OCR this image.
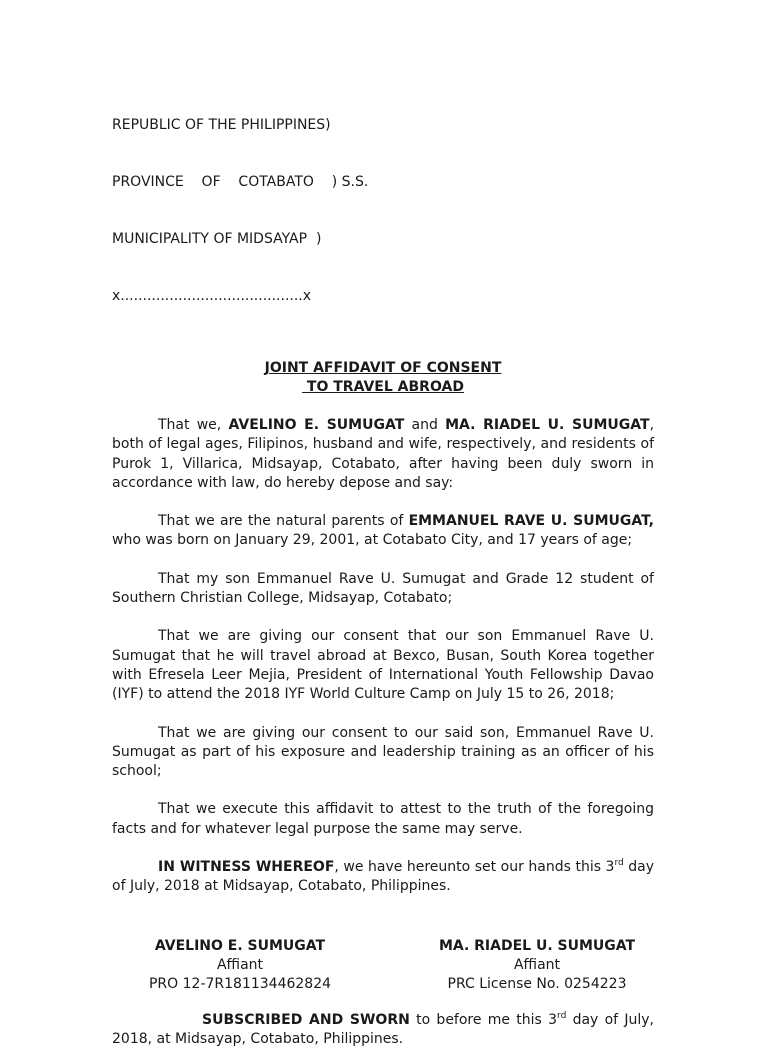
REPUBLIC OF THE PHILIPPINES)

PROVINCE    OF    COTABATO    ) S.S.

MUNICIPALITY OF MIDSAYAP  )

x.........................................x

JOINT AFFIDAVIT OF CONSENT
TO TRAVEL ABROAD

That we, AVELINO E. SUMUGAT and MA. RIADEL U. SUMUGAT, both of legal ages, Filipinos, husband and wife, respectively, and residents of Purok 1, Villarica, Midsayap, Cotabato, after having been duly sworn in accordance with law, do hereby depose and say:

That we are the natural parents of EMMANUEL RAVE U. SUMUGAT, who was born on January 29, 2001, at Cotabato City, and 17 years of age;

That my son Emmanuel Rave U. Sumugat and Grade 12 student of Southern Christian College, Midsayap, Cotabato;

That we are giving our consent that our son Emmanuel Rave U. Sumugat that he will travel abroad at Bexco, Busan, South Korea together with Efresela Leer Mejia, President of International Youth Fellowship Davao (IYF) to attend the 2018 IYF World Culture Camp on July 15 to 26, 2018;

That we are giving our consent to our said son, Emmanuel Rave U. Sumugat as part of his exposure and leadership training as an officer of his school;

That we execute this affidavit to attest to the truth of the foregoing facts and for whatever legal purpose the same may serve.

IN WITNESS WHEREOF, we have hereunto set our hands this 3rd day of July, 2018 at Midsayap, Cotabato, Philippines.

AVELINO E. SUMUGAT
Affiant
PRO 12-7R181134462824
MA. RIADEL U. SUMUGAT
Affiant
PRC License No. 0254223

SUBSCRIBED AND SWORN to before me this 3rd day of July, 2018, at Midsayap, Cotabato, Philippines.
